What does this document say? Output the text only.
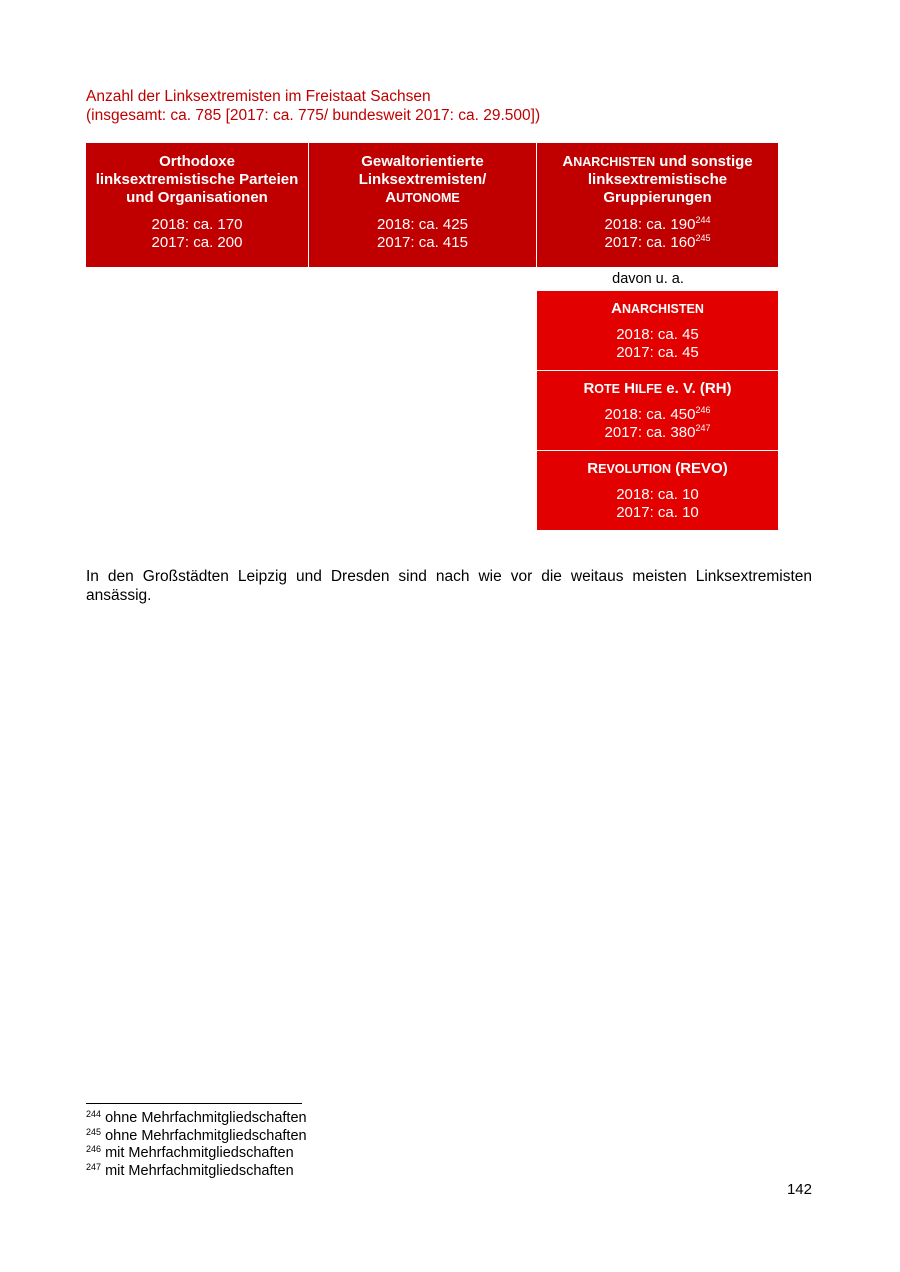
Anzahl der Linksextremisten im Freistaat Sachsen
(insgesamt: ca. 785 [2017: ca. 775/ bundesweit 2017: ca. 29.500])
Orthodoxe
linksextremistische Parteien
und Organisationen
2018: ca. 170
2017: ca. 200
Gewaltorientierte
Linksextremisten/
AUTONOME
2018: ca. 425
2017: ca. 415
ANARCHISTEN und sonstige
linksextremistische
Gruppierungen
2018: ca. $190^{244}$
2017: ca. $160^{245}$
davon u. a.
ANARCHISTEN
2018: ca. 45
2017: ca. 45
ROTE HILFE e. V. (RH)
2018: ca. $450^{246}$
2017: ca. $380^{247}$
REVOLUTION (REVO)
2018: ca. 10
2017: ca. 10
In den Großstädten Leipzig und Dresden sind nach wie vor die weitaus meisten Linksextremisten ansässig.
$^{244}$ ohne Mehrfachmitgliedschaften
$^{245}$ ohne Mehrfachmitgliedschaften
$^{246}$ mit Mehrfachmitgliedschaften
$^{247}$ mit Mehrfachmitgliedschaften
142
